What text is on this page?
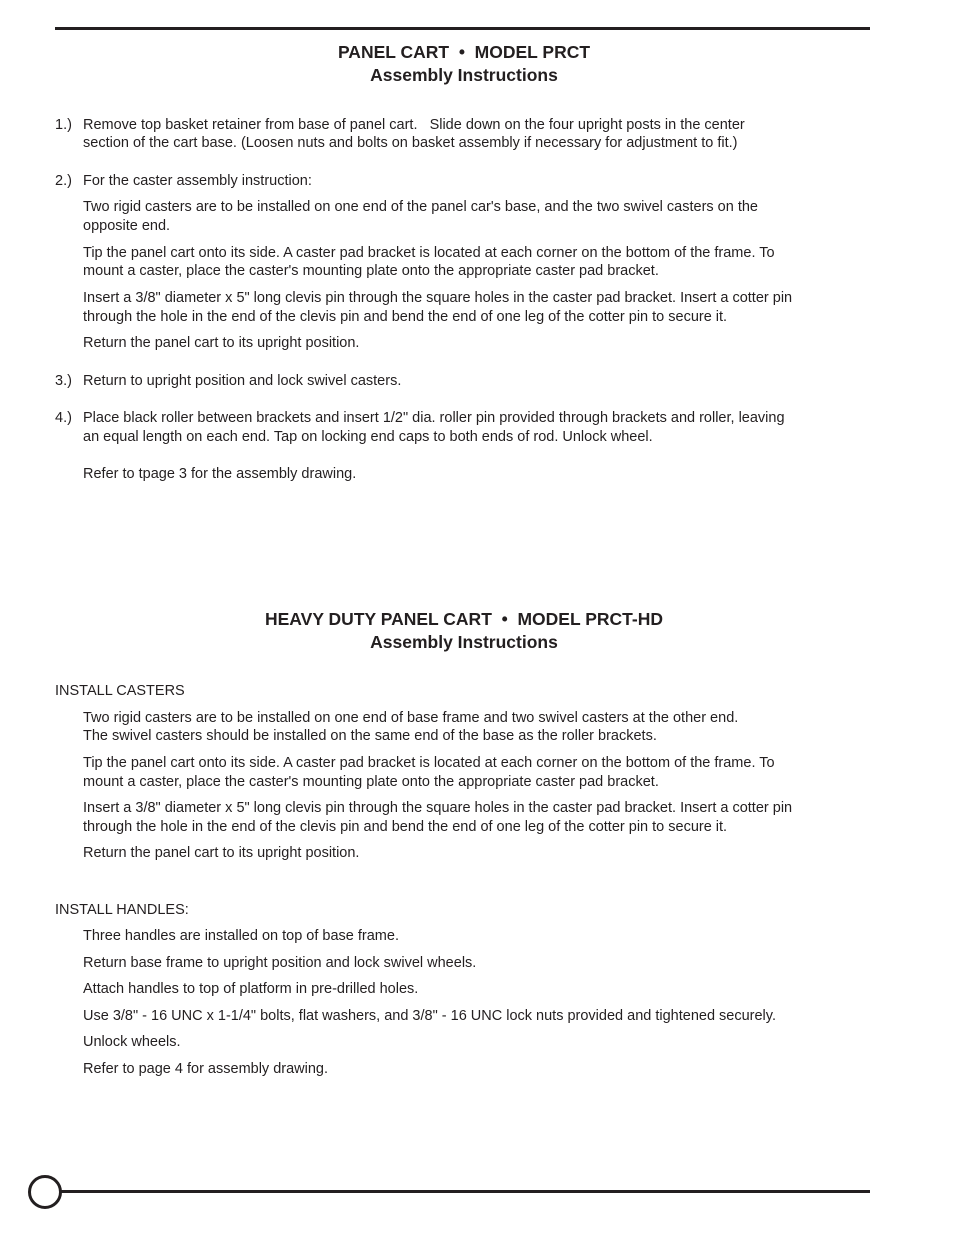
PANEL CART  •  MODEL PRCT
Assembly Instructions
1.) Remove top basket retainer from base of panel cart.   Slide down on the four upright posts in the center
section of the cart base. (Loosen nuts and bolts on basket assembly if necessary for adjustment to fit.)
2.) For the caster assembly instruction:
Two rigid casters are to be installed on one end of the panel car's base, and the two swivel casters on the
opposite end.
Tip the panel cart onto its side. A caster pad bracket is located at each corner on the bottom of the frame. To
mount a caster, place the caster's mounting plate onto the appropriate caster pad bracket.
Insert a 3/8" diameter x 5" long clevis pin through the square holes in the caster pad bracket. Insert a cotter pin
through the hole in the end of the clevis pin and bend the end of one leg of the cotter pin to secure it.
Return the panel cart to its upright position.
3.) Return to upright position and lock swivel casters.
4.) Place black roller between brackets and insert 1/2" dia. roller pin provided through brackets and roller, leaving
an equal length on each end. Tap on locking end caps to both ends of rod. Unlock wheel.
Refer to tpage 3 for the assembly drawing.
HEAVY DUTY PANEL CART  •  MODEL PRCT-HD
Assembly Instructions
INSTALL CASTERS
Two rigid casters are to be installed on one end of base frame and two swivel casters at the other end.
The swivel casters should be installed on the same end of the base as the roller brackets.
Tip the panel cart onto its side. A caster pad bracket is located at each corner on the bottom of the frame. To
mount a caster, place the caster's mounting plate onto the appropriate caster pad bracket.
Insert a 3/8" diameter x 5" long clevis pin through the square holes in the caster pad bracket. Insert a cotter pin
through the hole in the end of the clevis pin and bend the end of one leg of the cotter pin to secure it.
Return the panel cart to its upright position.
INSTALL HANDLES:
Three handles are installed on top of base frame.
Return base frame to upright position and lock swivel wheels.
Attach handles to top of platform in pre-drilled holes.
Use 3/8" - 16 UNC x 1-1/4" bolts, flat washers, and 3/8" - 16 UNC lock nuts provided and tightened securely.
Unlock wheels.
Refer to page 4 for assembly drawing.
